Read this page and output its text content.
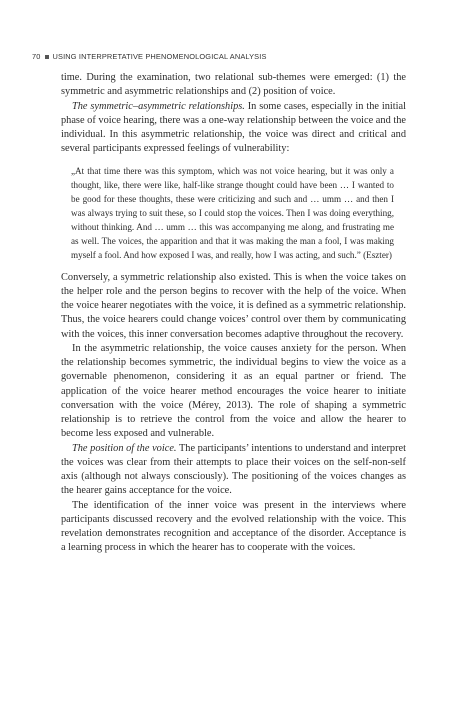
70 USING INTERPRETATIVE PHENOMENOLOGICAL ANALYSIS

time. During the examination, two relational sub-themes were emerged: (1) the symmetric and asymmetric relationships and (2) position of voice.

The symmetric–asymmetric relationships. In some cases, especially in the initial phase of voice hearing, there was a one-way relationship between the voice and the individual. In this asymmetric relationship, the voice was direct and critical and several participants expressed feelings of vulnerability:

„At that time there was this symptom, which was not voice hearing, but it was only a thought, like, there were like, half-like strange thought could have been … I wanted to be good for these thoughts, these were criticizing and such and … umm … and then I was always trying to suit these, so I could stop the voices. Then I was doing everything, without thinking. And … umm … this was accompanying me along, and frustrating me as well. The voices, the apparition and that it was making the man a fool, I was making myself a fool. And how exposed I was, and really, how I was acting, and such.” (Eszter)

Conversely, a symmetric relationship also existed. This is when the voice takes on the helper role and the person begins to recover with the help of the voice. When the voice hearer negotiates with the voice, it is defined as a symmetric relationship. Thus, the voice hearers could change voices’ control over them by communicating with the voices, this inner conversation becomes adaptive throughout the recovery.

In the asymmetric relationship, the voice causes anxiety for the person. When the relationship becomes symmetric, the individual begins to view the voice as a governable phenomenon, considering it as an equal partner or friend. The application of the voice hearer method encourages the voice hearer to initiate conversation with the voice (Mérey, 2013). The role of shaping a symmetric relationship is to retrieve the control from the voice and allow the hearer to become less exposed and vulnerable.

The position of the voice. The participants’ intentions to understand and interpret the voices was clear from their attempts to place their voices on the self-non-self axis (although not always consciously). The positioning of the voices changes as the hearer gains acceptance for the voice.

The identification of the inner voice was present in the interviews where participants discussed recovery and the evolved relationship with the voice. This revelation demonstrates recognition and acceptance of the disorder. Acceptance is a learning process in which the hearer has to cooperate with the voices.
